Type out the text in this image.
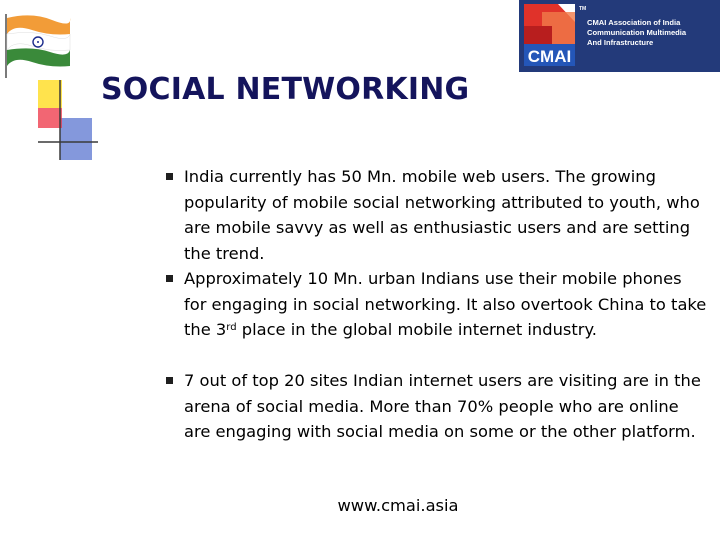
CMAI
TM
CMAI Association of India
Communication Multimedia
And Infrastructure
SOCIAL NETWORKING
India currently has 50 Mn. mobile web users. The growing popularity of mobile social networking attributed to youth, who are mobile savvy as well as enthusiastic users and are setting the trend.
Approximately 10 Mn. urban Indians use their mobile phones for engaging in social networking. It also overtook China to take the 3rd place in the global mobile internet industry.
7 out of top 20 sites Indian internet users are visiting are in the arena of social media. More than 70% people who are online are engaging with social media on some or the other platform.
www.cmai.asia
